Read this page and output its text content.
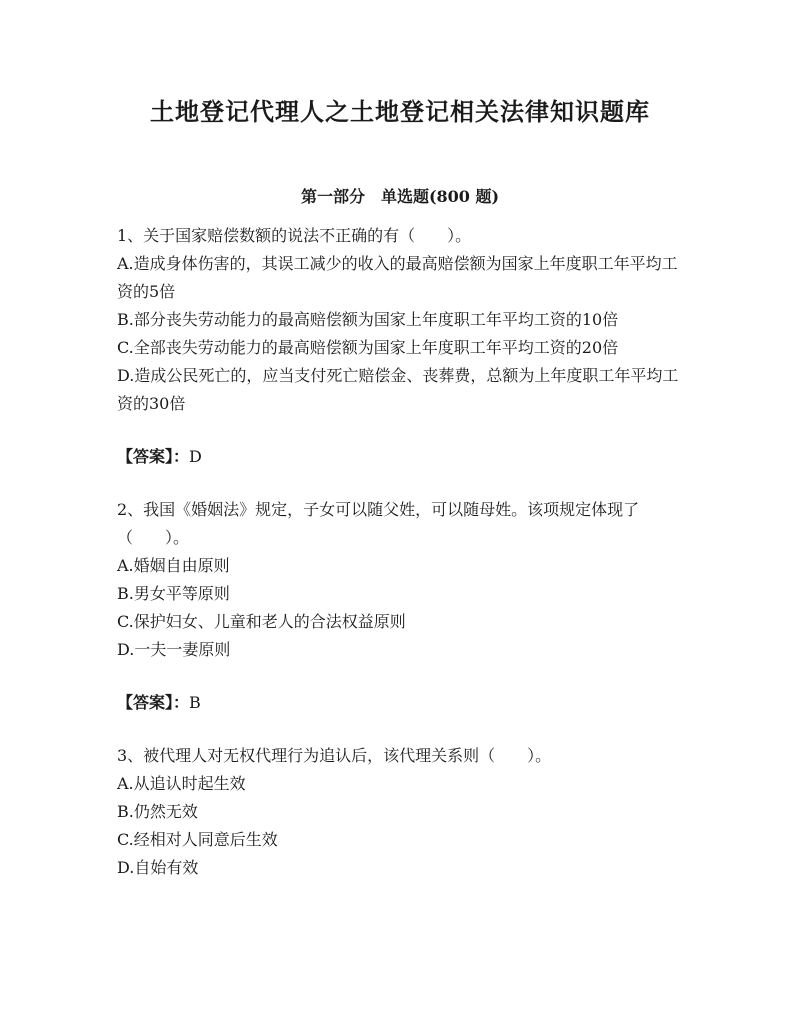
土地登记代理人之土地登记相关法律知识题库
第一部分　单选题(800 题)
1、关于国家赔偿数额的说法不正确的有（　　）。
A.造成身体伤害的，其误工减少的收入的最高赔偿额为国家上年度职工年平均工资的5倍
B.部分丧失劳动能力的最高赔偿额为国家上年度职工年平均工资的10倍
C.全部丧失劳动能力的最高赔偿额为国家上年度职工年平均工资的20倍
D.造成公民死亡的，应当支付死亡赔偿金、丧葬费，总额为上年度职工年平均工资的30倍
【答案】：D
2、我国《婚姻法》规定，子女可以随父姓，可以随母姓。该项规定体现了（　　）。
A.婚姻自由原则
B.男女平等原则
C.保护妇女、儿童和老人的合法权益原则
D.一夫一妻原则
【答案】：B
3、被代理人对无权代理行为追认后，该代理关系则（　　）。
A.从追认时起生效
B.仍然无效
C.经相对人同意后生效
D.自始有效
